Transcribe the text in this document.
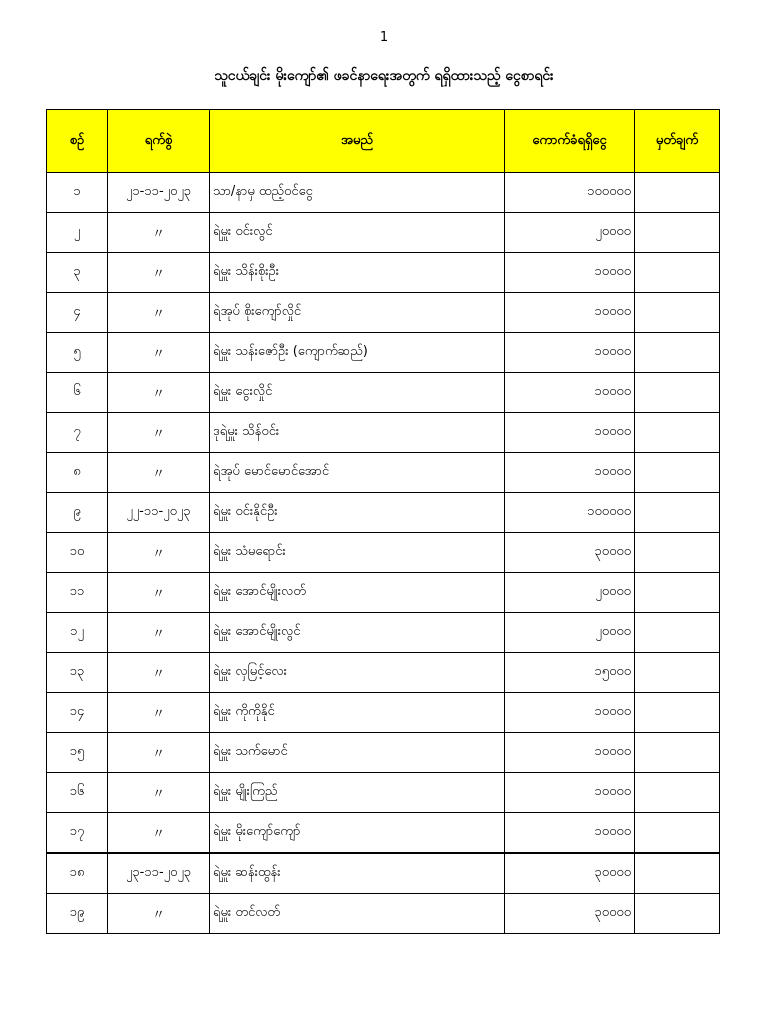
1
သူငယ်ချင်း မိုးကျော်၏ ဖခင်နာရေးအတွက် ရရှိထားသည့် ငွေစာရင်း
စဉ်	ရက်စွဲ	အမည်	ကောက်ခံရရှိငွေ	မှတ်ချက်
၁	၂၁-၁၁-၂၀၂၃	သာ/နာမှ ထည့်ဝင်ငွေ	၁၀၀၀၀၀	
၂	〃	ရဲမှူး ဝင်းလွင်	၂၀၀၀၀	
၃	〃	ရဲမှူး သိန်းစိုးဦး	၁၀၀၀၀	
၄	〃	ရဲအုပ် စိုးကျော်လှိုင်	၁၀၀၀၀	
၅	〃	ရဲမှူး သန်းဇော်ဦး (ကျောက်ဆည်)	၁၀၀၀၀	
၆	〃	ရဲမှူး ငွေးလှိုင်	၁၀၀၀၀	
၇	〃	ဒုရဲမှူး သိန်ဝင်း	၁၀၀၀၀	
၈	〃	ရဲအုပ် မောင်မောင်အောင်	၁၀၀၀၀	
၉	၂၂-၁၁-၂၀၂၃	ရဲမှူး ဝင်းနိုင်ဦး	၁၀၀၀၀၀	
၁၀	〃	ရဲမှူး သံမရောင်း	၃၀၀၀၀	
၁၁	〃	ရဲမှူး အောင်မျိုးလတ်	၂၀၀၀၀	
၁၂	〃	ရဲမှူး အောင်မျိုးလွင်	၂၀၀၀၀	
၁၃	〃	ရဲမှူး လှမြင့်လေး	၁၅၀၀၀	
၁၄	〃	ရဲမှူး ကိုကိုနိုင်	၁၀၀၀၀	
၁၅	〃	ရဲမှူး သက်မောင်	၁၀၀၀၀	
၁၆	〃	ရဲမှူး မျိုးကြည်	၁၀၀၀၀	
၁၇	〃	ရဲမှူး မိုးကျော်ကျော်	၁၀၀၀၀	
၁၈	၂၃-၁၁-၂၀၂၃	ရဲမှူး ဆန်းထွန်း	၃၀၀၀၀	
၁၉	〃	ရဲမှူး တင်လတ်	၃၀၀၀၀	
